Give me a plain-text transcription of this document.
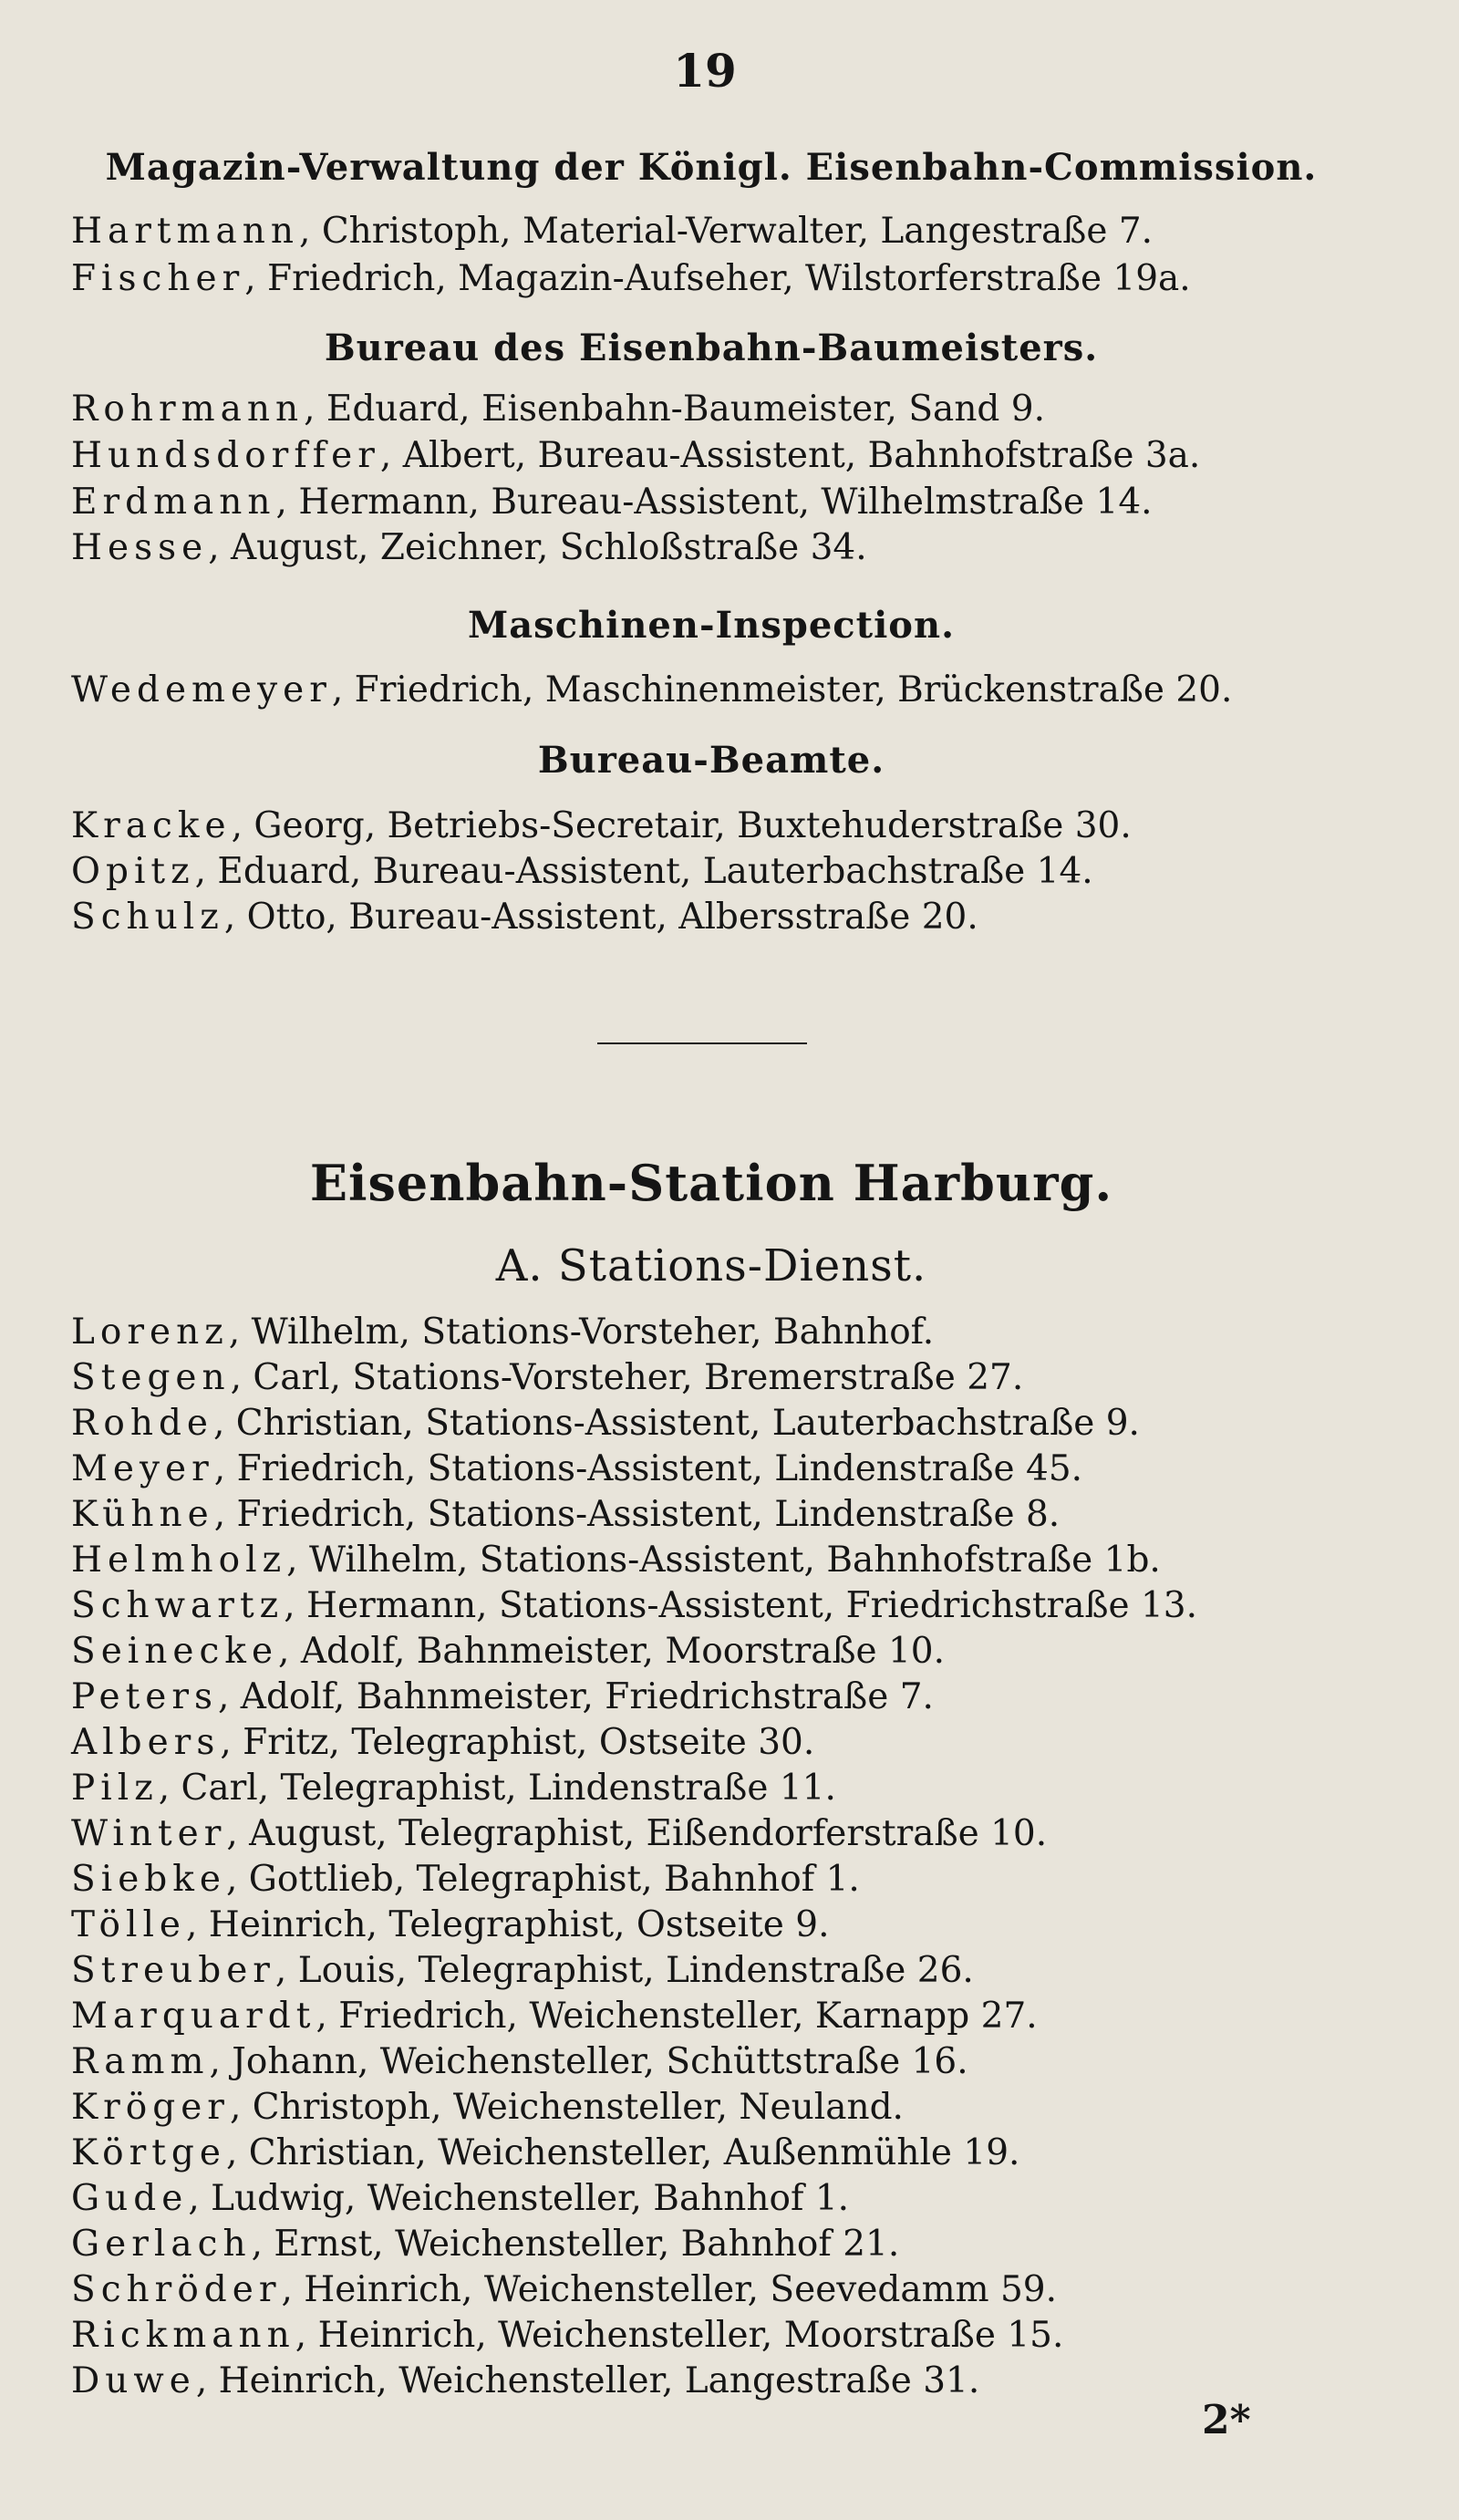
19
Magazin-Verwaltung der Königl. Eisenbahn-Commission.
Hartmann, Christoph, Material-Verwalter, Langestraße 7.
Fischer, Friedrich, Magazin-Aufseher, Wilstorferstraße 19a.
Bureau des Eisenbahn-Baumeisters.
Rohrmann, Eduard, Eisenbahn-Baumeister, Sand 9.
Hundsdorffer, Albert, Bureau-Assistent, Bahnhofstraße 3a.
Erdmann, Hermann, Bureau-Assistent, Wilhelmstraße 14.
Hesse, August, Zeichner, Schloßstraße 34.
Maschinen-Inspection.
Wedemeyer, Friedrich, Maschinenmeister, Brückenstraße 20.
Bureau-Beamte.
Kracke, Georg, Betriebs-Secretair, Buxtehuderstraße 30.
Opitz, Eduard, Bureau-Assistent, Lauterbachstraße 14.
Schulz, Otto, Bureau-Assistent, Albersstraße 20.
Eisenbahn-Station Harburg.
A. Stations-Dienst.
Lorenz, Wilhelm, Stations-Vorsteher, Bahnhof.
Stegen, Carl, Stations-Vorsteher, Bremerstraße 27.
Rohde, Christian, Stations-Assistent, Lauterbachstraße 9.
Meyer, Friedrich, Stations-Assistent, Lindenstraße 45.
Kühne, Friedrich, Stations-Assistent, Lindenstraße 8.
Helmholz, Wilhelm, Stations-Assistent, Bahnhofstraße 1b.
Schwartz, Hermann, Stations-Assistent, Friedrichstraße 13.
Seinecke, Adolf, Bahnmeister, Moorstraße 10.
Peters, Adolf, Bahnmeister, Friedrichstraße 7.
Albers, Fritz, Telegraphist, Ostseite 30.
Pilz, Carl, Telegraphist, Lindenstraße 11.
Winter, August, Telegraphist, Eißendorferstraße 10.
Siebke, Gottlieb, Telegraphist, Bahnhof 1.
Tölle, Heinrich, Telegraphist, Ostseite 9.
Streuber, Louis, Telegraphist, Lindenstraße 26.
Marquardt, Friedrich, Weichensteller, Karnapp 27.
Ramm, Johann, Weichensteller, Schüttstraße 16.
Kröger, Christoph, Weichensteller, Neuland.
Körtge, Christian, Weichensteller, Außenmühle 19.
Gude, Ludwig, Weichensteller, Bahnhof 1.
Gerlach, Ernst, Weichensteller, Bahnhof 21.
Schröder, Heinrich, Weichensteller, Seevedamm 59.
Rickmann, Heinrich, Weichensteller, Moorstraße 15.
Duwe, Heinrich, Weichensteller, Langestraße 31.
2*
